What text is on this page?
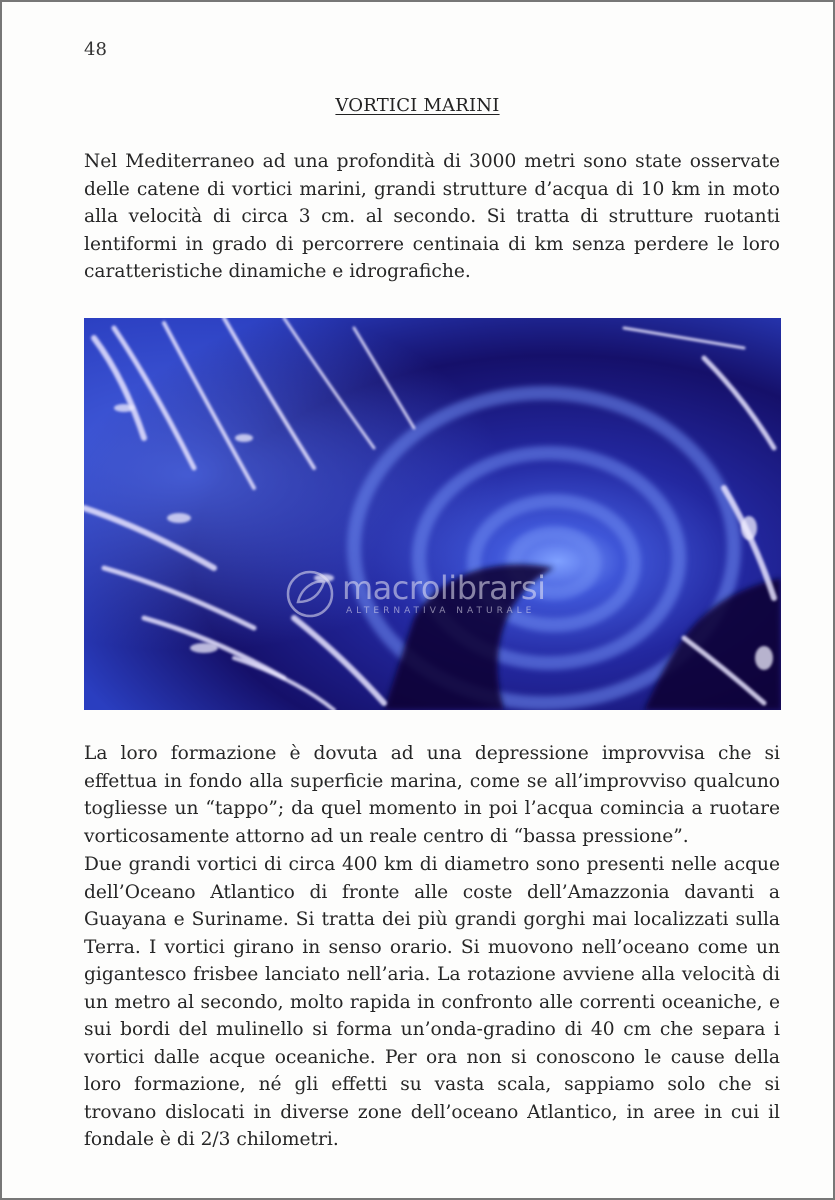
48
VORTICI MARINI

Nel Mediterraneo ad una profondità di 3000 metri sono state osservate delle catene di vortici marini, grandi strutture d’acqua di 10 km in moto alla velocità di circa 3 cm. al secondo. Si tratta di strutture ruotanti lentiformi in grado di percorrere centinaia di km senza perdere le loro caratteristiche dinamiche e idrografiche.

macrolibrarsi
ALTERNATIVA NATURALE

La loro formazione è dovuta ad una depressione improvvisa che si effettua in fondo alla superficie marina, come se all’improvviso qualcuno togliesse un “tappo”; da quel momento in poi l’acqua comincia a ruotare vorticosamente attorno ad un reale centro di “bassa pressione”.

Due grandi vortici di circa 400 km di diametro sono presenti nelle acque dell’Oceano Atlantico di fronte alle coste dell’Amazzonia davanti a Guayana e Suriname. Si tratta dei più grandi gorghi mai localizzati sulla Terra. I vortici girano in senso orario. Si muovono nell’oceano come un gigantesco frisbee lanciato nell’aria. La rotazione avviene alla velocità di un metro al secondo, molto rapida in confronto alle correnti oceaniche, e sui bordi del mulinello si forma un’onda-gradino di 40 cm che separa i vortici dalle acque oceaniche. Per ora non si conoscono le cause della loro formazione, né gli effetti su vasta scala, sappiamo solo che si trovano dislocati in diverse zone dell’oceano Atlantico, in aree in cui il fondale è di 2/3 chilometri.
